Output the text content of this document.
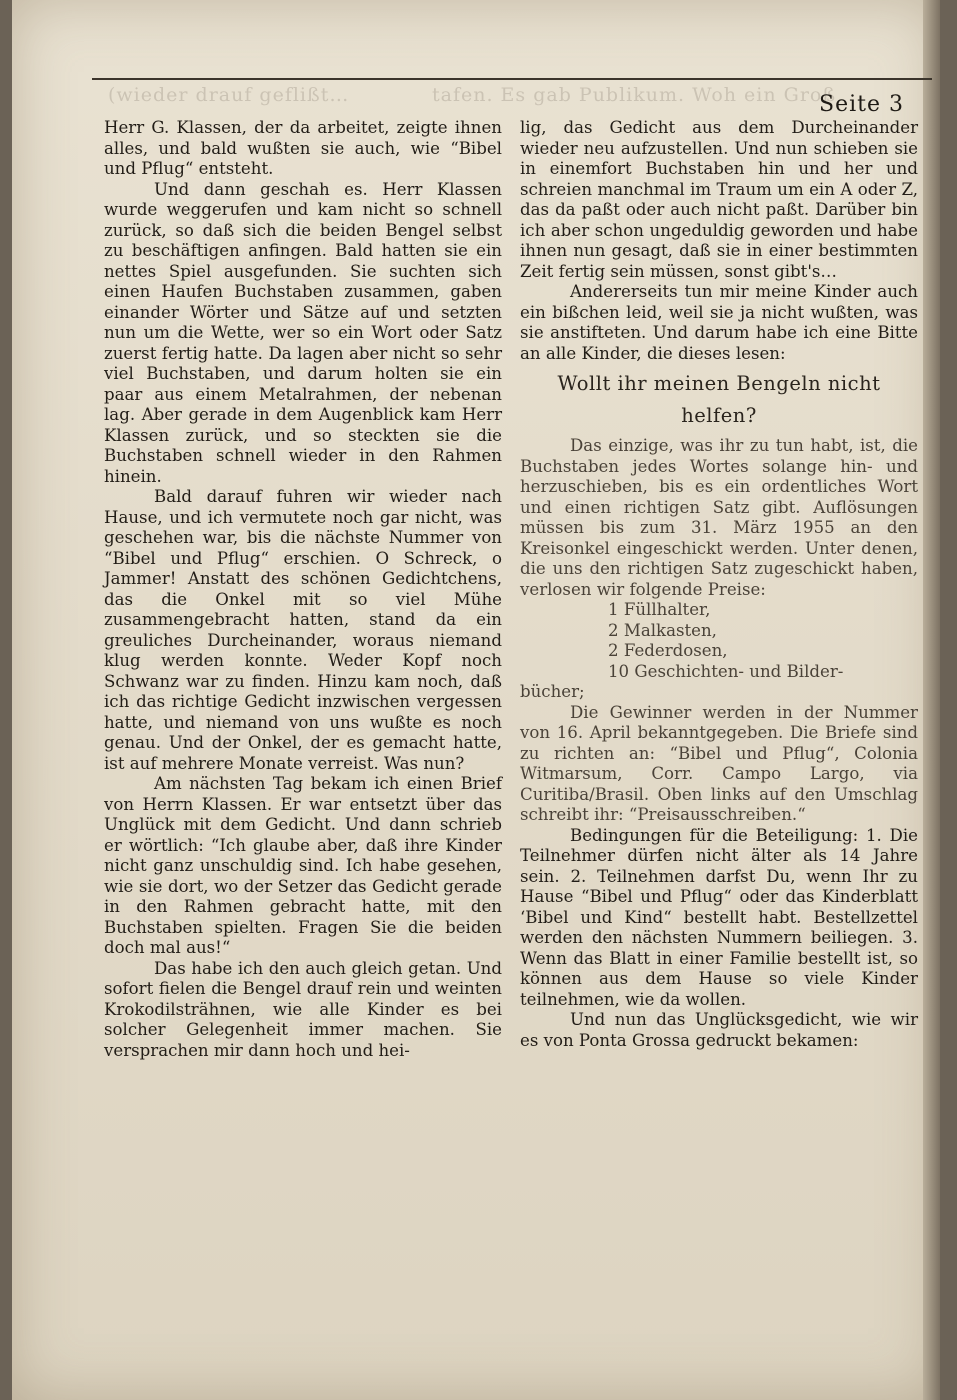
(wieder drauf geflißt…	tafen. Es gab Publikum. Woh ein Groß
Seite 3

Herr G. Klassen, der da arbeitet, zeigte ihnen alles, und bald wußten sie auch, wie “Bibel und Pflug“ entsteht.

Und dann geschah es. Herr Klassen wurde weggerufen und kam nicht so schnell zurück, so daß sich die beiden Bengel selbst zu beschäftigen anfingen. Bald hatten sie ein nettes Spiel ausgefunden. Sie suchten sich einen Haufen Buchstaben zusammen, gaben einander Wörter und Sätze auf und setzten nun um die Wette, wer so ein Wort oder Satz zuerst fertig hatte. Da lagen aber nicht so sehr viel Buchstaben, und darum holten sie ein paar aus einem Metalrahmen, der nebenan lag. Aber gerade in dem Augenblick kam Herr Klassen zurück, und so steckten sie die Buchstaben schnell wieder in den Rahmen hinein.

Bald darauf fuhren wir wieder nach Hause, und ich vermutete noch gar nicht, was geschehen war, bis die nächste Nummer von “Bibel und Pflug“ erschien. O Schreck, o Jammer! Anstatt des schönen Gedichtchens, das die Onkel mit so viel Mühe zusammengebracht hatten, stand da ein greuliches Durcheinander, woraus niemand klug werden konnte. Weder Kopf noch Schwanz war zu finden. Hinzu kam noch, daß ich das richtige Gedicht inzwischen vergessen hatte, und niemand von uns wußte es noch genau. Und der Onkel, der es gemacht hatte, ist auf mehrere Monate verreist. Was nun?

Am nächsten Tag bekam ich einen Brief von Herrn Klassen. Er war entsetzt über das Unglück mit dem Gedicht. Und dann schrieb er wörtlich: “Ich glaube aber, daß ihre Kinder nicht ganz unschuldig sind. Ich habe gesehen, wie sie dort, wo der Setzer das Gedicht gerade in den Rahmen gebracht hatte, mit den Buchstaben spielten. Fragen Sie die beiden doch mal aus!“

Das habe ich den auch gleich getan. Und sofort fielen die Bengel drauf rein und weinten Krokodilsträhnen, wie alle Kinder es bei solcher Gelegenheit immer machen. Sie versprachen mir dann hoch und hei-

lig, das Gedicht aus dem Durcheinander wieder neu aufzustellen. Und nun schieben sie in einemfort Buchstaben hin und her und schreien manchmal im Traum um ein A oder Z, das da paßt oder auch nicht paßt. Darüber bin ich aber schon ungeduldig geworden und habe ihnen nun gesagt, daß sie in einer bestimmten Zeit fertig sein müssen, sonst gibt's…

Andererseits tun mir meine Kinder auch ein bißchen leid, weil sie ja nicht wußten, was sie anstifteten. Und darum habe ich eine Bitte an alle Kinder, die dieses lesen:

Wollt ihr meinen Bengeln nicht
helfen?

Das einzige, was ihr zu tun habt, ist, die Buchstaben jedes Wortes solange hin- und herzuschieben, bis es ein ordentliches Wort und einen richtigen Satz gibt. Auflösungen müssen bis zum 31. März 1955 an den Kreisonkel eingeschickt werden. Unter denen, die uns den richtigen Satz zugeschickt haben, verlosen wir folgende Preise:

1 Füllhalter,
2 Malkasten,
2 Federdosen,
10 Geschichten- und Bilder-

bücher;

Die Gewinner werden in der Nummer von 16. April bekanntgegeben. Die Briefe sind zu richten an: “Bibel und Pflug“, Colonia Witmarsum, Corr. Campo Largo, via Curitiba/Brasil. Oben links auf den Umschlag schreibt ihr: “Preisausschreiben.“

Bedingungen für die Beteiligung: 1. Die Teilnehmer dürfen nicht älter als 14 Jahre sein. 2. Teilnehmen darfst Du, wenn Ihr zu Hause “Bibel und Pflug“ oder das Kinderblatt ‘Bibel und Kind“ bestellt habt. Bestellzettel werden den nächsten Nummern beiliegen. 3. Wenn das Blatt in einer Familie bestellt ist, so können aus dem Hause so viele Kinder teilnehmen, wie da wollen.

Und nun das Unglücksgedicht, wie wir es von Ponta Grossa gedruckt bekamen:
